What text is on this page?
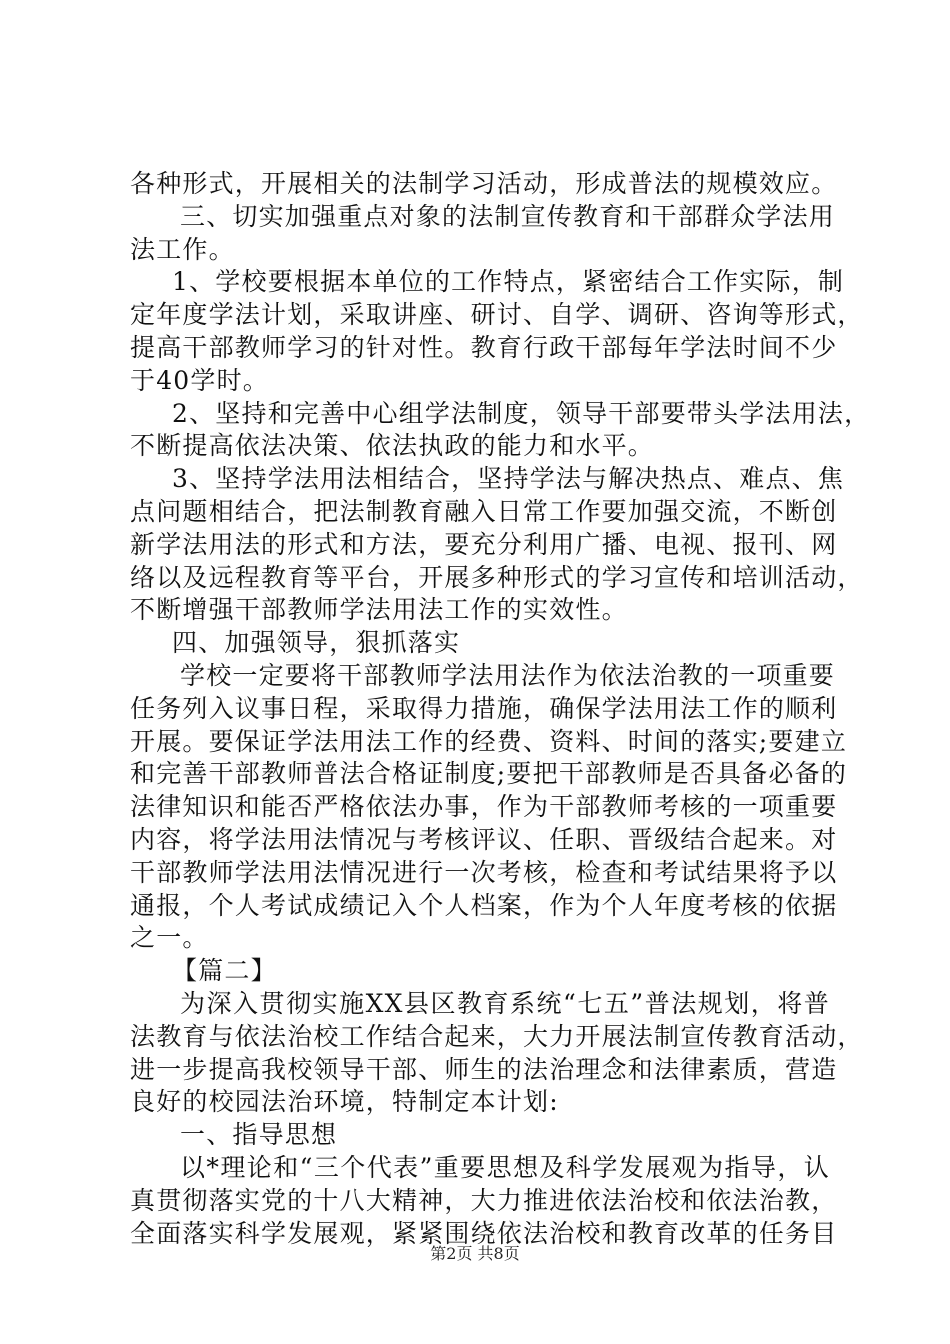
各种形式，开展相关的法制学习活动，形成普法的规模效应。
三、切实加强重点对象的法制宣传教育和干部群众学法用
法工作。
1、学校要根据本单位的工作特点，紧密结合工作实际，制
定年度学法计划，采取讲座、研讨、自学、调研、咨询等形式，
提高干部教师学习的针对性。教育行政干部每年学法时间不少
于40学时。
2、坚持和完善中心组学法制度，领导干部要带头学法用法，
不断提高依法决策、依法执政的能力和水平。
3、坚持学法用法相结合，坚持学法与解决热点、难点、焦
点问题相结合，把法制教育融入日常工作要加强交流，不断创
新学法用法的形式和方法，要充分利用广播、电视、报刊、网
络以及远程教育等平台，开展多种形式的学习宣传和培训活动，
不断增强干部教师学法用法工作的实效性。
四、加强领导，狠抓落实
学校一定要将干部教师学法用法作为依法治教的一项重要
任务列入议事日程，采取得力措施，确保学法用法工作的顺利
开展。要保证学法用法工作的经费、资料、时间的落实;要建立
和完善干部教师普法合格证制度;要把干部教师是否具备必备的
法律知识和能否严格依法办事，作为干部教师考核的一项重要
内容，将学法用法情况与考核评议、任职、晋级结合起来。对
干部教师学法用法情况进行一次考核，检查和考试结果将予以
通报，个人考试成绩记入个人档案，作为个人年度考核的依据
之一。
【篇二】
为深入贯彻实施XX县区教育系统“七五”普法规划，将普
法教育与依法治校工作结合起来，大力开展法制宣传教育活动，
进一步提高我校领导干部、师生的法治理念和法律素质，营造
良好的校园法治环境，特制定本计划:
一、指导思想
以*理论和“三个代表”重要思想及科学发展观为指导，认
真贯彻落实党的十八大精神，大力推进依法治校和依法治教，
全面落实科学发展观，紧紧围绕依法治校和教育改革的任务目
第2页 共8页
